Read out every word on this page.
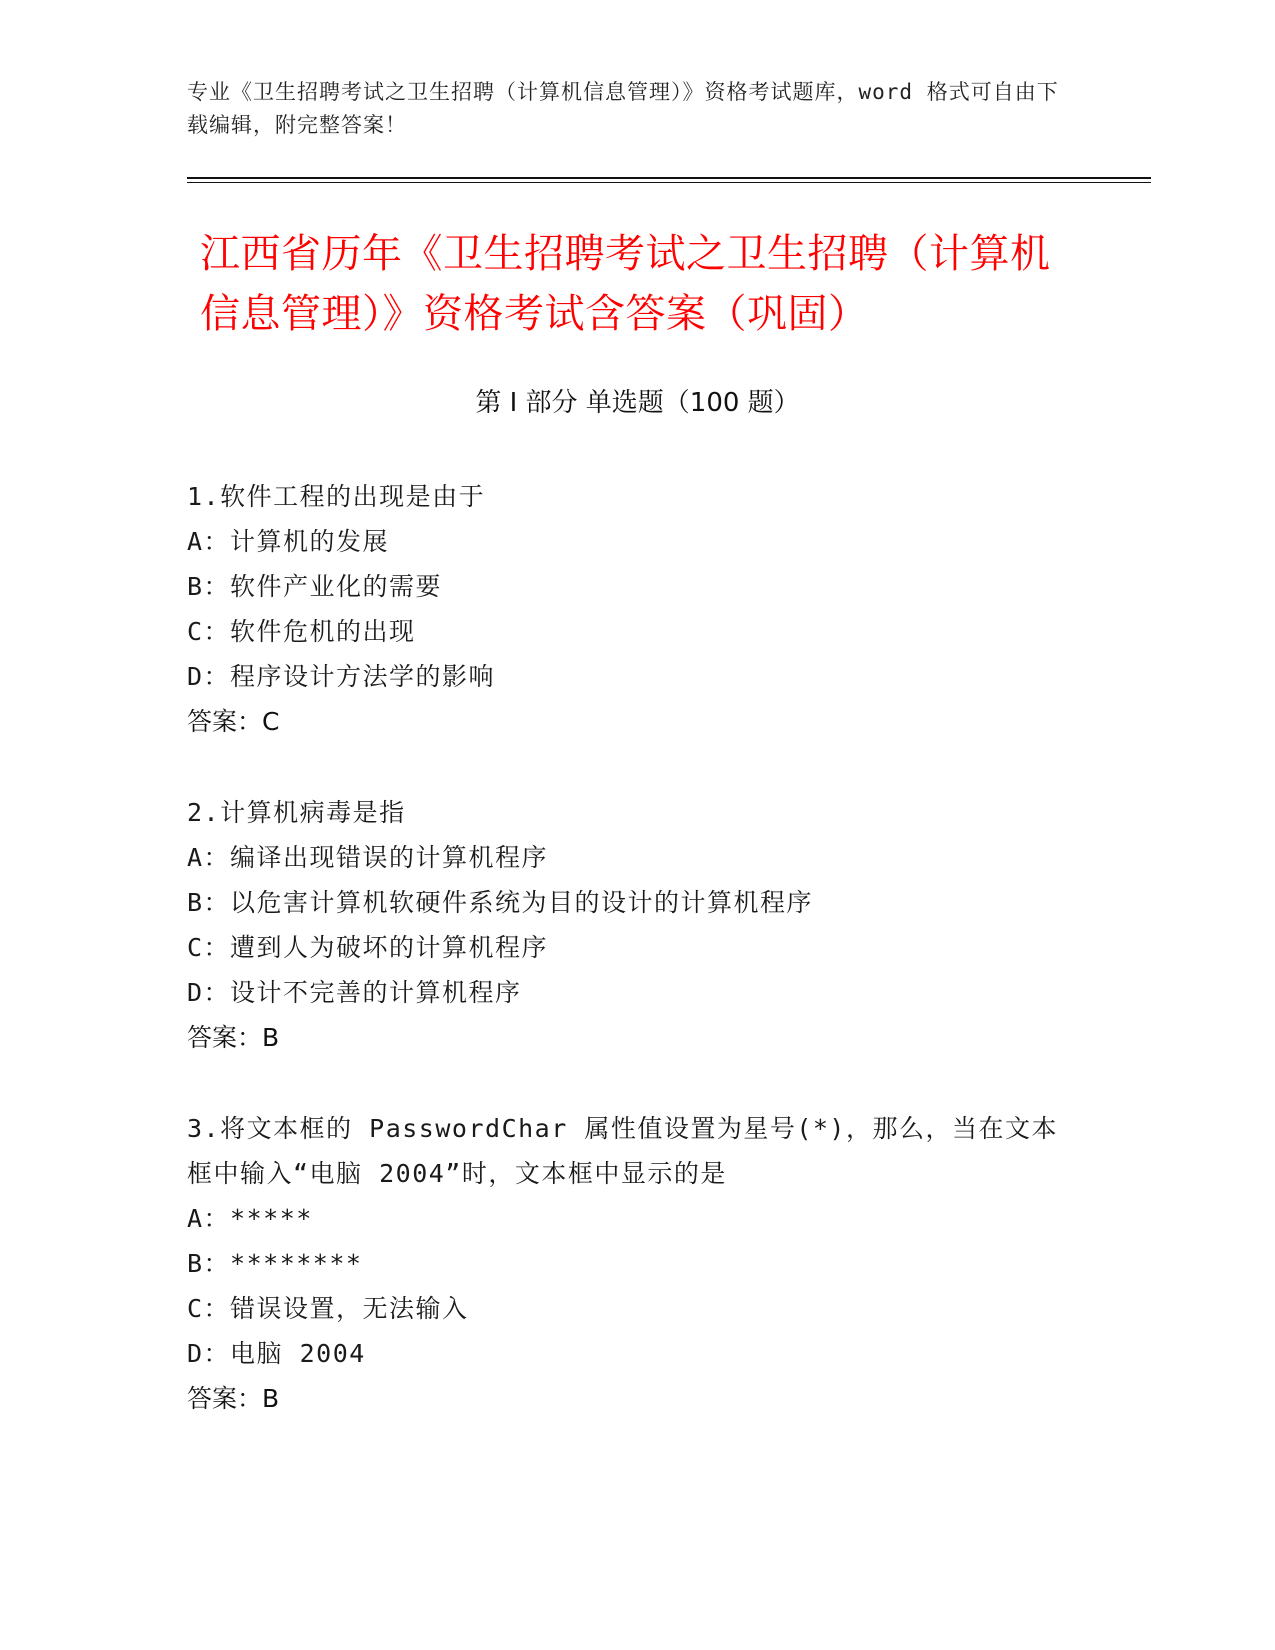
专业《卫生招聘考试之卫生招聘（计算机信息管理）》资格考试题库，word 格式可自由下载编辑，附完整答案！
江西省历年《卫生招聘考试之卫生招聘（计算机信息管理）》资格考试含答案（巩固）
第 I 部分 单选题（100 题）
1.软件工程的出现是由于
A：计算机的发展
B：软件产业化的需要
C：软件危机的出现
D：程序设计方法学的影响
答案：C
2.计算机病毒是指
A：编译出现错误的计算机程序
B：以危害计算机软硬件系统为目的设计的计算机程序
C：遭到人为破坏的计算机程序
D：设计不完善的计算机程序
答案：B
3.将文本框的 PasswordChar 属性值设置为星号(*)，那么，当在文本框中输入“电脑 2004”时，文本框中显示的是
A：*****
B：********
C：错误设置，无法输入
D：电脑 2004
答案：B
